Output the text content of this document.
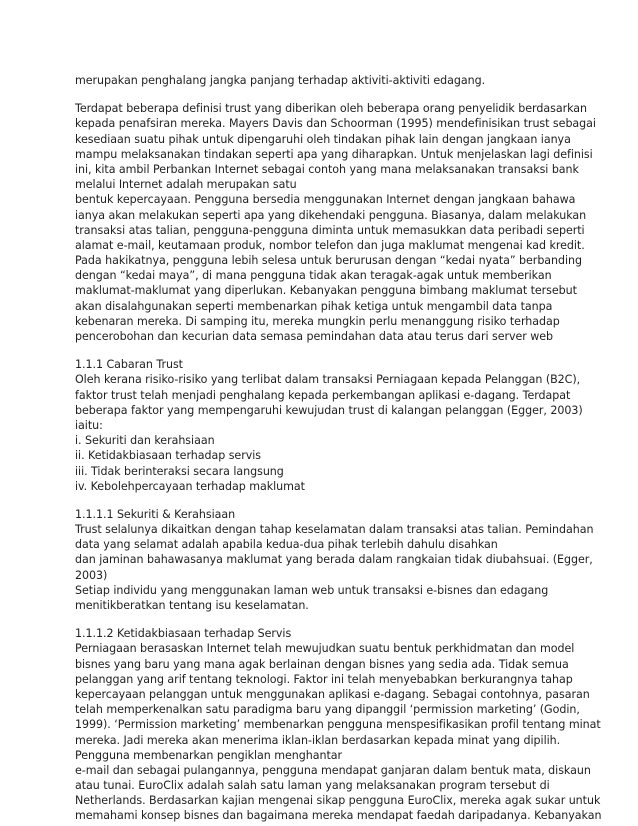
merupakan penghalang jangka panjang terhadap aktiviti-aktiviti edagang.
Terdapat beberapa definisi trust yang diberikan oleh beberapa orang penyelidik berdasarkan
kepada penafsiran mereka. Mayers Davis dan Schoorman (1995) mendefinisikan trust sebagai
kesediaan suatu pihak untuk dipengaruhi oleh tindakan pihak lain dengan jangkaan ianya
mampu melaksanakan tindakan seperti apa yang diharapkan. Untuk menjelaskan lagi definisi
ini, kita ambil Perbankan Internet sebagai contoh yang mana melaksanakan transaksi bank
melalui Internet adalah merupakan satu
bentuk kepercayaan. Pengguna bersedia menggunakan Internet dengan jangkaan bahawa
ianya akan melakukan seperti apa yang dikehendaki pengguna. Biasanya, dalam melakukan
transaksi atas talian, pengguna-pengguna diminta untuk memasukkan data peribadi seperti
alamat e-mail, keutamaan produk, nombor telefon dan juga maklumat mengenai kad kredit.
Pada hakikatnya, pengguna lebih selesa untuk berurusan dengan “kedai nyata” berbanding
dengan “kedai maya”, di mana pengguna tidak akan teragak-agak untuk memberikan
maklumat-maklumat yang diperlukan. Kebanyakan pengguna bimbang maklumat tersebut
akan disalahgunakan seperti membenarkan pihak ketiga untuk mengambil data tanpa
kebenaran mereka. Di samping itu, mereka mungkin perlu menanggung risiko terhadap
pencerobohan dan kecurian data semasa pemindahan data atau terus dari server web
1.1.1 Cabaran Trust
Oleh kerana risiko-risiko yang terlibat dalam transaksi Perniagaan kepada Pelanggan (B2C),
faktor trust telah menjadi penghalang kepada perkembangan aplikasi e-dagang. Terdapat
beberapa faktor yang mempengaruhi kewujudan trust di kalangan pelanggan (Egger, 2003)
iaitu:
i. Sekuriti dan kerahsiaan
ii. Ketidakbiasaan terhadap servis
iii. Tidak berinteraksi secara langsung
iv. Kebolehpercayaan terhadap maklumat
1.1.1.1 Sekuriti & Kerahsiaan
Trust selalunya dikaitkan dengan tahap keselamatan dalam transaksi atas talian. Pemindahan
data yang selamat adalah apabila kedua-dua pihak terlebih dahulu disahkan
dan jaminan bahawasanya maklumat yang berada dalam rangkaian tidak diubahsuai. (Egger,
2003)
Setiap individu yang menggunakan laman web untuk transaksi e-bisnes dan edagang
menitikberatkan tentang isu keselamatan.
1.1.1.2 Ketidakbiasaan terhadap Servis
Perniagaan berasaskan Internet telah mewujudkan suatu bentuk perkhidmatan dan model
bisnes yang baru yang mana agak berlainan dengan bisnes yang sedia ada. Tidak semua
pelanggan yang arif tentang teknologi. Faktor ini telah menyebabkan berkurangnya tahap
kepercayaan pelanggan untuk menggunakan aplikasi e-dagang. Sebagai contohnya, pasaran
telah memperkenalkan satu paradigma baru yang dipanggil ‘permission marketing’ (Godin,
1999). ‘Permission marketing’ membenarkan pengguna menspesifikasikan profil tentang minat
mereka. Jadi mereka akan menerima iklan-iklan berdasarkan kepada minat yang dipilih.
Pengguna membenarkan pengiklan menghantar
e-mail dan sebagai pulangannya, pengguna mendapat ganjaran dalam bentuk mata, diskaun
atau tunai. EuroClix adalah salah satu laman yang melaksanakan program tersebut di
Netherlands. Berdasarkan kajian mengenai sikap pengguna EuroClix, mereka agak sukar untuk
memahami konsep bisnes dan bagaimana mereka mendapat faedah daripadanya. Kebanyakan
